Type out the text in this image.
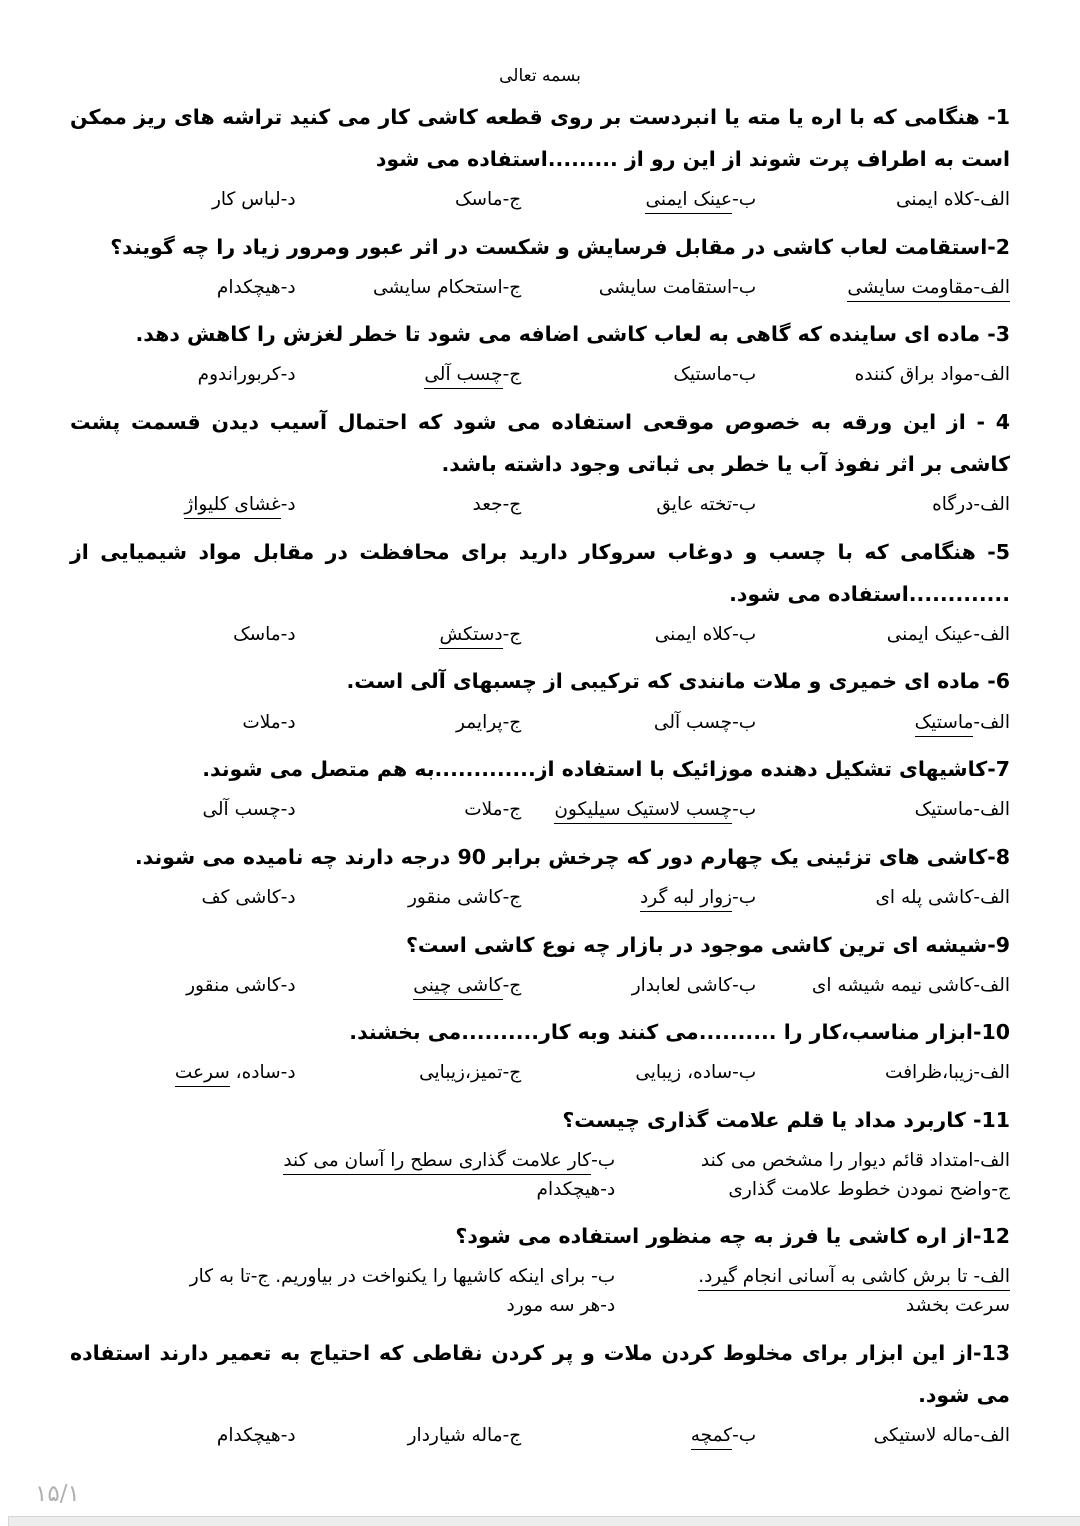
بسمه تعالی
1- هنگامی که با اره یا مته یا انبردست بر روی قطعه کاشی کار می کنید تراشه های ریز ممکن است به اطراف پرت شوند از این رو از .........استفاده می شود
الف-کلاه ایمنی
ب-عینک ایمنی
ج-ماسک
د-لباس کار
2-استقامت لعاب کاشی در مقابل فرسایش و شکست در اثر عبور ومرور زیاد را چه گویند؟
الف-مقاومت سایشی
ب-استقامت سایشی
ج-استحکام سایشی
د-هیچکدام
3- ماده ای ساینده که گاهی به لعاب کاشی اضافه می شود تا خطر لغزش را کاهش دهد.
الف-مواد براق کننده
ب-ماستیک
ج-چسب آلی
د-کربوراندوم
4 - از این ورقه به خصوص موقعی استفاده می شود که احتمال آسیب دیدن قسمت پشت کاشی بر اثر نفوذ آب یا خطر بی ثباتی وجود داشته باشد.
الف-درگاه
ب-تخته عایق
ج-جعد
د-غشای کلیواژ
5- هنگامی که با چسب و دوغاب سروکار دارید برای محافظت در مقابل مواد شیمیایی از .............استفاده می شود.
الف-عینک ایمنی
ب-کلاه ایمنی
ج-دستکش
د-ماسک
6- ماده ای خمیری و ملات مانندی که ترکیبی از چسبهای آلی است.
الف-ماستیک
ب-چسب آلی
ج-پرایمر
د-ملات
7-کاشیهای تشکیل دهنده موزائیک با استفاده از.............به هم متصل می شوند.
الف-ماستیک
ب-چسب لاستیک سیلیکون
ج-ملات
د-چسب آلی
8-کاشی های تزئینی یک چهارم دور که چرخش برابر 90 درجه دارند چه نامیده می شوند.
الف-کاشی پله ای
ب-زوار لبه گرد
ج-کاشی منقور
د-کاشی کف
9-شیشه ای ترین کاشی موجود در بازار چه نوع کاشی است؟
الف-کاشی نیمه شیشه ای
ب-کاشی لعابدار
ج-کاشی چینی
د-کاشی منقور
10-ابزار مناسب،کار را ..........می کنند وبه کار..........می بخشند.
الف-زیبا،ظرافت
ب-ساده، زیبایی
ج-تمیز،زیبایی
د-ساده، سرعت
11- کاربرد مداد یا قلم علامت گذاری چیست؟
الف-امتداد قائم دیوار را مشخص می کند
ب-کار علامت گذاری سطح را آسان می کند
ج-واضح نمودن خطوط علامت گذاری
د-هیچکدام
12-از اره کاشی یا فرز به چه منظور استفاده می شود؟
الف- تا برش کاشی به آسانی انجام گیرد.
ب- برای اینکه کاشیها را یکنواخت در بیاوریم. ج-تا به کار
سرعت بخشد
د-هر سه مورد
13-از این ابزار برای مخلوط کردن ملات و پر کردن نقاطی که احتیاج به تعمیر دارند استفاده می شود.
الف-ماله لاستیکی
ب-کمچه
ج-ماله شیاردار
د-هیچکدام
۱۵/۱
